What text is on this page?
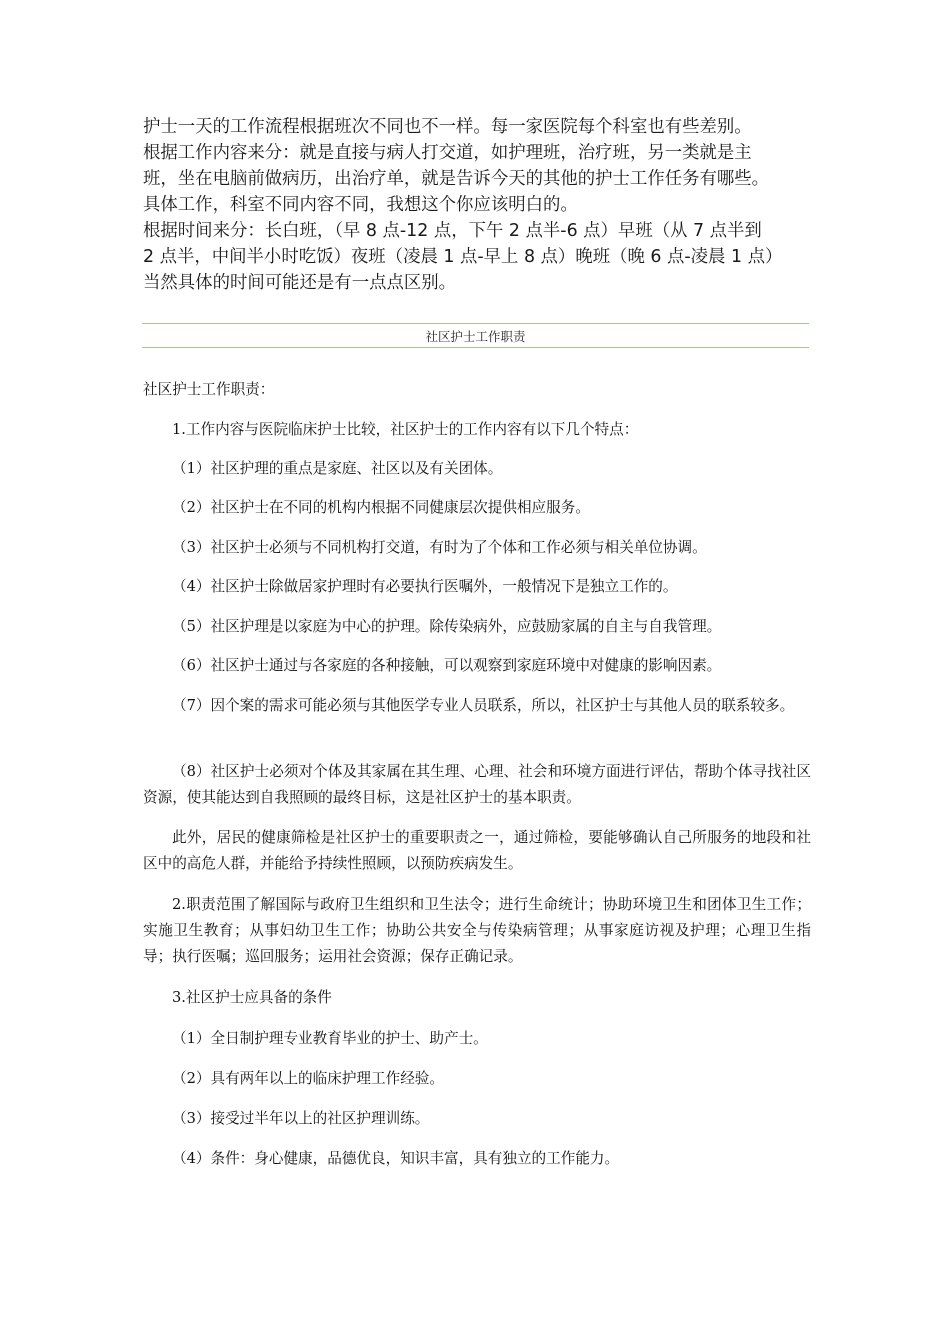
护士一天的工作流程根据班次不同也不一样。每一家医院每个科室也有些差别。

根据工作内容来分：就是直接与病人打交道，如护理班，治疗班，另一类就是主

班，坐在电脑前做病历，出治疗单，就是告诉今天的其他的护士工作任务有哪些。

具体工作，科室不同内容不同，我想这个你应该明白的。

根据时间来分：长白班，（早 8 点-12 点，下午 2 点半-6 点）早班（从 7 点半到

2 点半，中间半小时吃饭）夜班（凌晨 1 点-早上 8 点）晚班（晚 6 点-凌晨 1 点）

当然具体的时间可能还是有一点点区别。

社区护士工作职责

社区护士工作职责：

1.工作内容与医院临床护士比较，社区护士的工作内容有以下几个特点：

（1）社区护理的重点是家庭、社区以及有关团体。

（2）社区护士在不同的机构内根据不同健康层次提供相应服务。

（3）社区护士必须与不同机构打交道，有时为了个体和工作必须与相关单位协调。

（4）社区护士除做居家护理时有必要执行医嘱外，一般情况下是独立工作的。

（5）社区护理是以家庭为中心的护理。除传染病外，应鼓励家属的自主与自我管理。

（6）社区护士通过与各家庭的各种接触，可以观察到家庭环境中对健康的影响因素。

（7）因个案的需求可能必须与其他医学专业人员联系，所以，社区护士与其他人员的联系较多。

（8）社区护士必须对个体及其家属在其生理、心理、社会和环境方面进行评估，帮助个体寻找社区资源，使其能达到自我照顾的最终目标，这是社区护士的基本职责。

此外，居民的健康筛检是社区护士的重要职责之一，通过筛检，要能够确认自己所服务的地段和社区中的高危人群，并能给予持续性照顾，以预防疾病发生。

2.职责范围了解国际与政府卫生组织和卫生法令；进行生命统计；协助环境卫生和团体卫生工作；实施卫生教育；从事妇幼卫生工作；协助公共安全与传染病管理；从事家庭访视及护理；心理卫生指导；执行医嘱；巡回服务；运用社会资源；保存正确记录。

3.社区护士应具备的条件

（1）全日制护理专业教育毕业的护士、助产士。

（2）具有两年以上的临床护理工作经验。

（3）接受过半年以上的社区护理训练。

（4）条件：身心健康，品德优良，知识丰富，具有独立的工作能力。
